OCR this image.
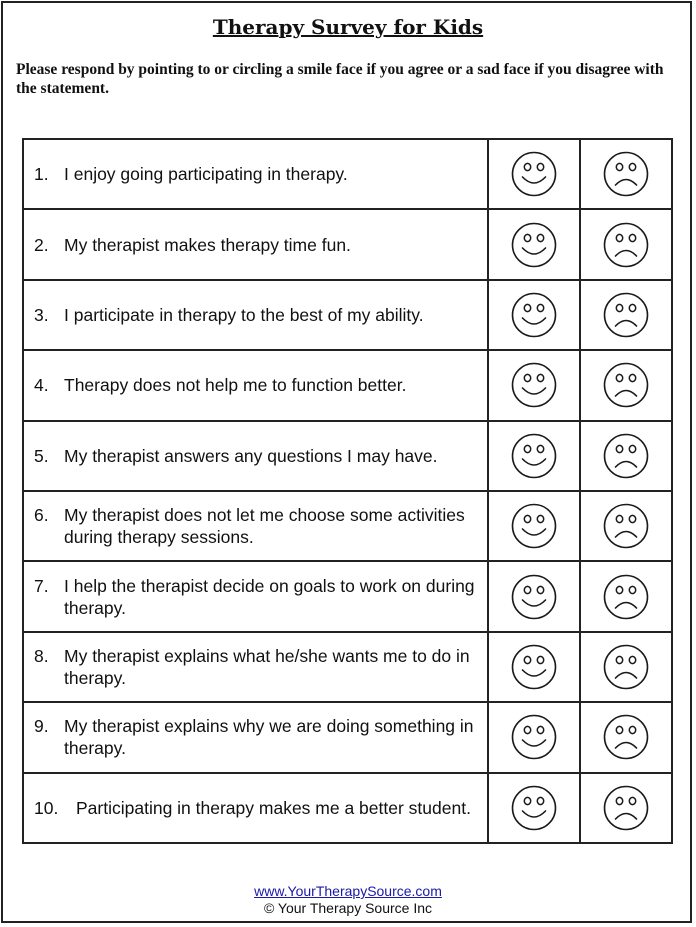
Therapy Survey for Kids

Please respond by pointing to or circling a smile face if you agree or a sad face if you disagree with the statement.

1. I enjoy going participating in therapy.

2. My therapist makes therapy time fun.

3. I participate in therapy to the best of my ability.

4. Therapy does not help me to function better.

5. My therapist answers any questions I may have.

6. My therapist does not let me choose some activities during therapy sessions.

7. I help the therapist decide on goals to work on during therapy.

8. My therapist explains what he/she wants me to do in therapy.

9. My therapist explains why we are doing something in therapy.

10. Participating in therapy makes me a better student.

www.YourTherapySource.com
© Your Therapy Source Inc
